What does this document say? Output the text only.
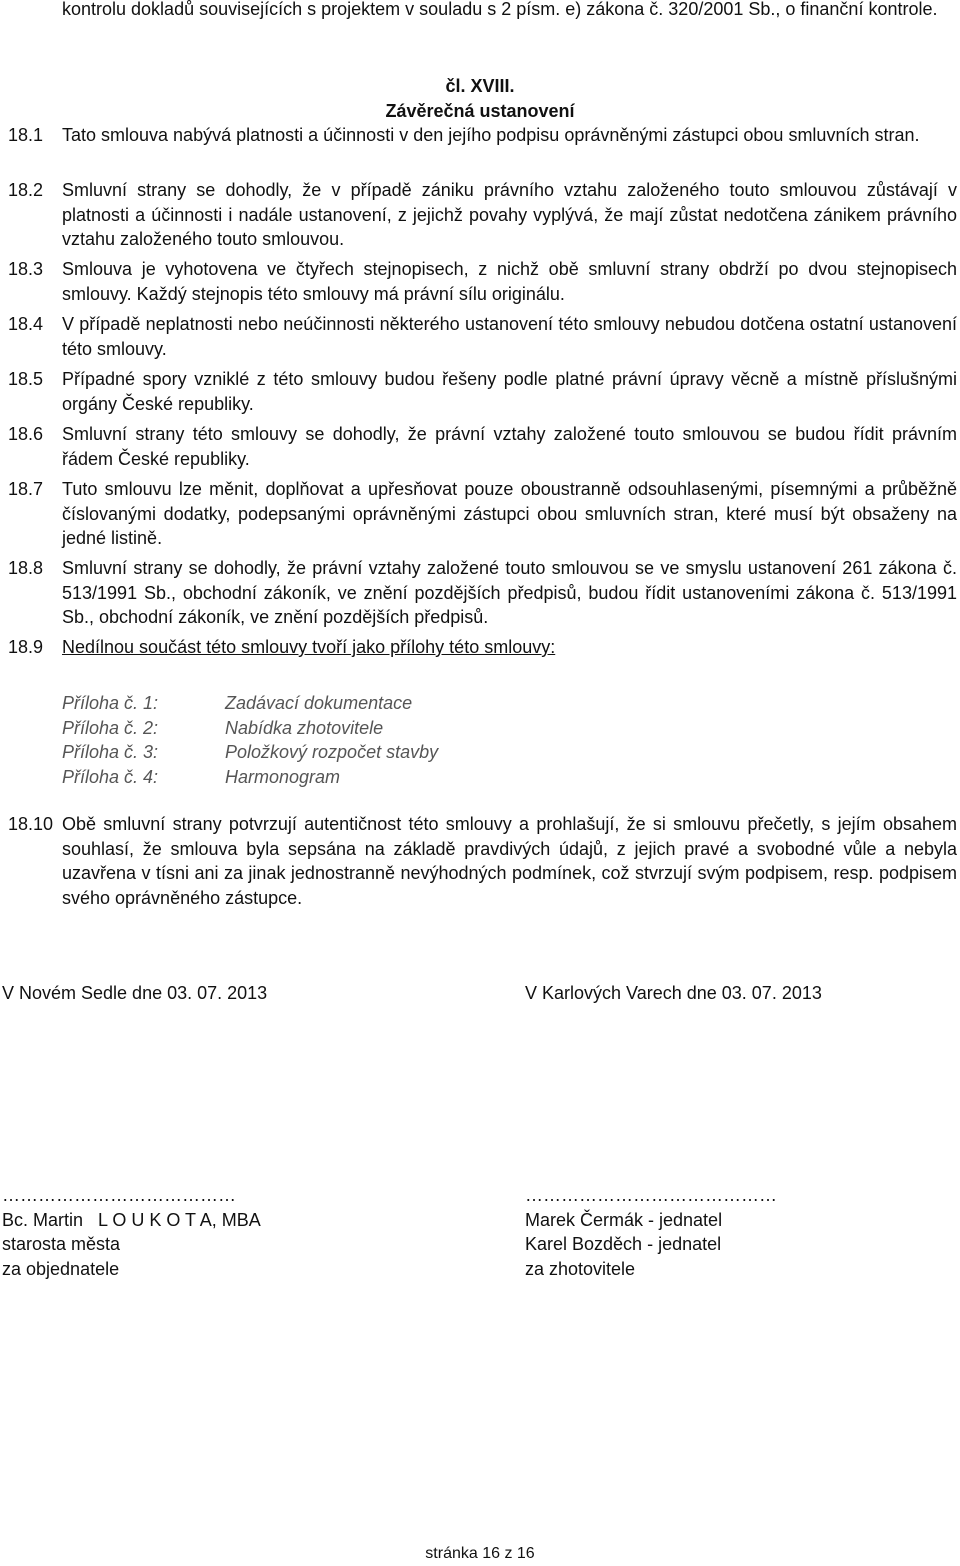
kontrolu dokladů souvisejících s projektem v souladu s 2 písm. e) zákona č. 320/2001 Sb., o finanční kontrole.
čl. XVIII.
Závěrečná ustanovení
18.1	Tato smlouva nabývá platnosti a účinnosti v den jejího podpisu oprávněnými zástupci obou smluvních stran.
18.2	Smluvní strany se dohodly, že v případě zániku právního vztahu založeného touto smlouvou zůstávají v platnosti a účinnosti i nadále ustanovení, z jejichž povahy vyplývá, že mají zůstat nedotčena zánikem právního vztahu založeného touto smlouvou.
18.3	Smlouva je vyhotovena ve čtyřech stejnopisech, z nichž obě smluvní strany obdrží po dvou stejnopisech smlouvy. Každý stejnopis této smlouvy má právní sílu originálu.
18.4	V případě neplatnosti nebo neúčinnosti některého ustanovení této smlouvy nebudou dotčena ostatní ustanovení této smlouvy.
18.5	Případné spory vzniklé z této smlouvy budou řešeny podle platné právní úpravy věcně a místně příslušnými orgány České republiky.
18.6	Smluvní strany této smlouvy se dohodly, že právní vztahy založené touto smlouvou se budou řídit právním řádem České republiky.
18.7	Tuto smlouvu lze měnit, doplňovat a upřesňovat pouze oboustranně odsouhlasenými, písemnými a průběžně číslovanými dodatky, podepsanými oprávněnými zástupci obou smluvních stran, které musí být obsaženy na jedné listině.
18.8	Smluvní strany se dohodly, že právní vztahy založené touto smlouvou se ve smyslu ustanovení 261 zákona č. 513/1991 Sb., obchodní zákoník, ve znění pozdějších předpisů, budou řídit ustanoveními zákona č. 513/1991 Sb., obchodní zákoník, ve znění pozdějších předpisů.
18.9	Nedílnou součást této smlouvy tvoří jako přílohy této smlouvy:
Příloha č. 1:	Zadávací dokumentace
Příloha č. 2:	Nabídka zhotovitele
Příloha č. 3:	Položkový rozpočet stavby
Příloha č. 4:	Harmonogram
18.10 Obě smluvní strany potvrzují autentičnost této smlouvy a prohlašují, že si smlouvu přečetly, s jejím obsahem souhlasí, že smlouva byla sepsána na základě pravdivých údajů, z jejich pravé a svobodné vůle a nebyla uzavřena v tísni ani za jinak jednostranně nevýhodných podmínek, což stvrzují svým podpisem, resp. podpisem svého oprávněného zástupce.
V Novém Sedle dne 03. 07. 2013	V Karlových Varech dne 03. 07. 2013
…………………………………	……………………………………
Bc. Martin   L O U K O T A, MBA	Marek Čermák - jednatel
starosta města	Karel Bozděch - jednatel
za objednatele	za zhotovitele
stránka 16 z 16
